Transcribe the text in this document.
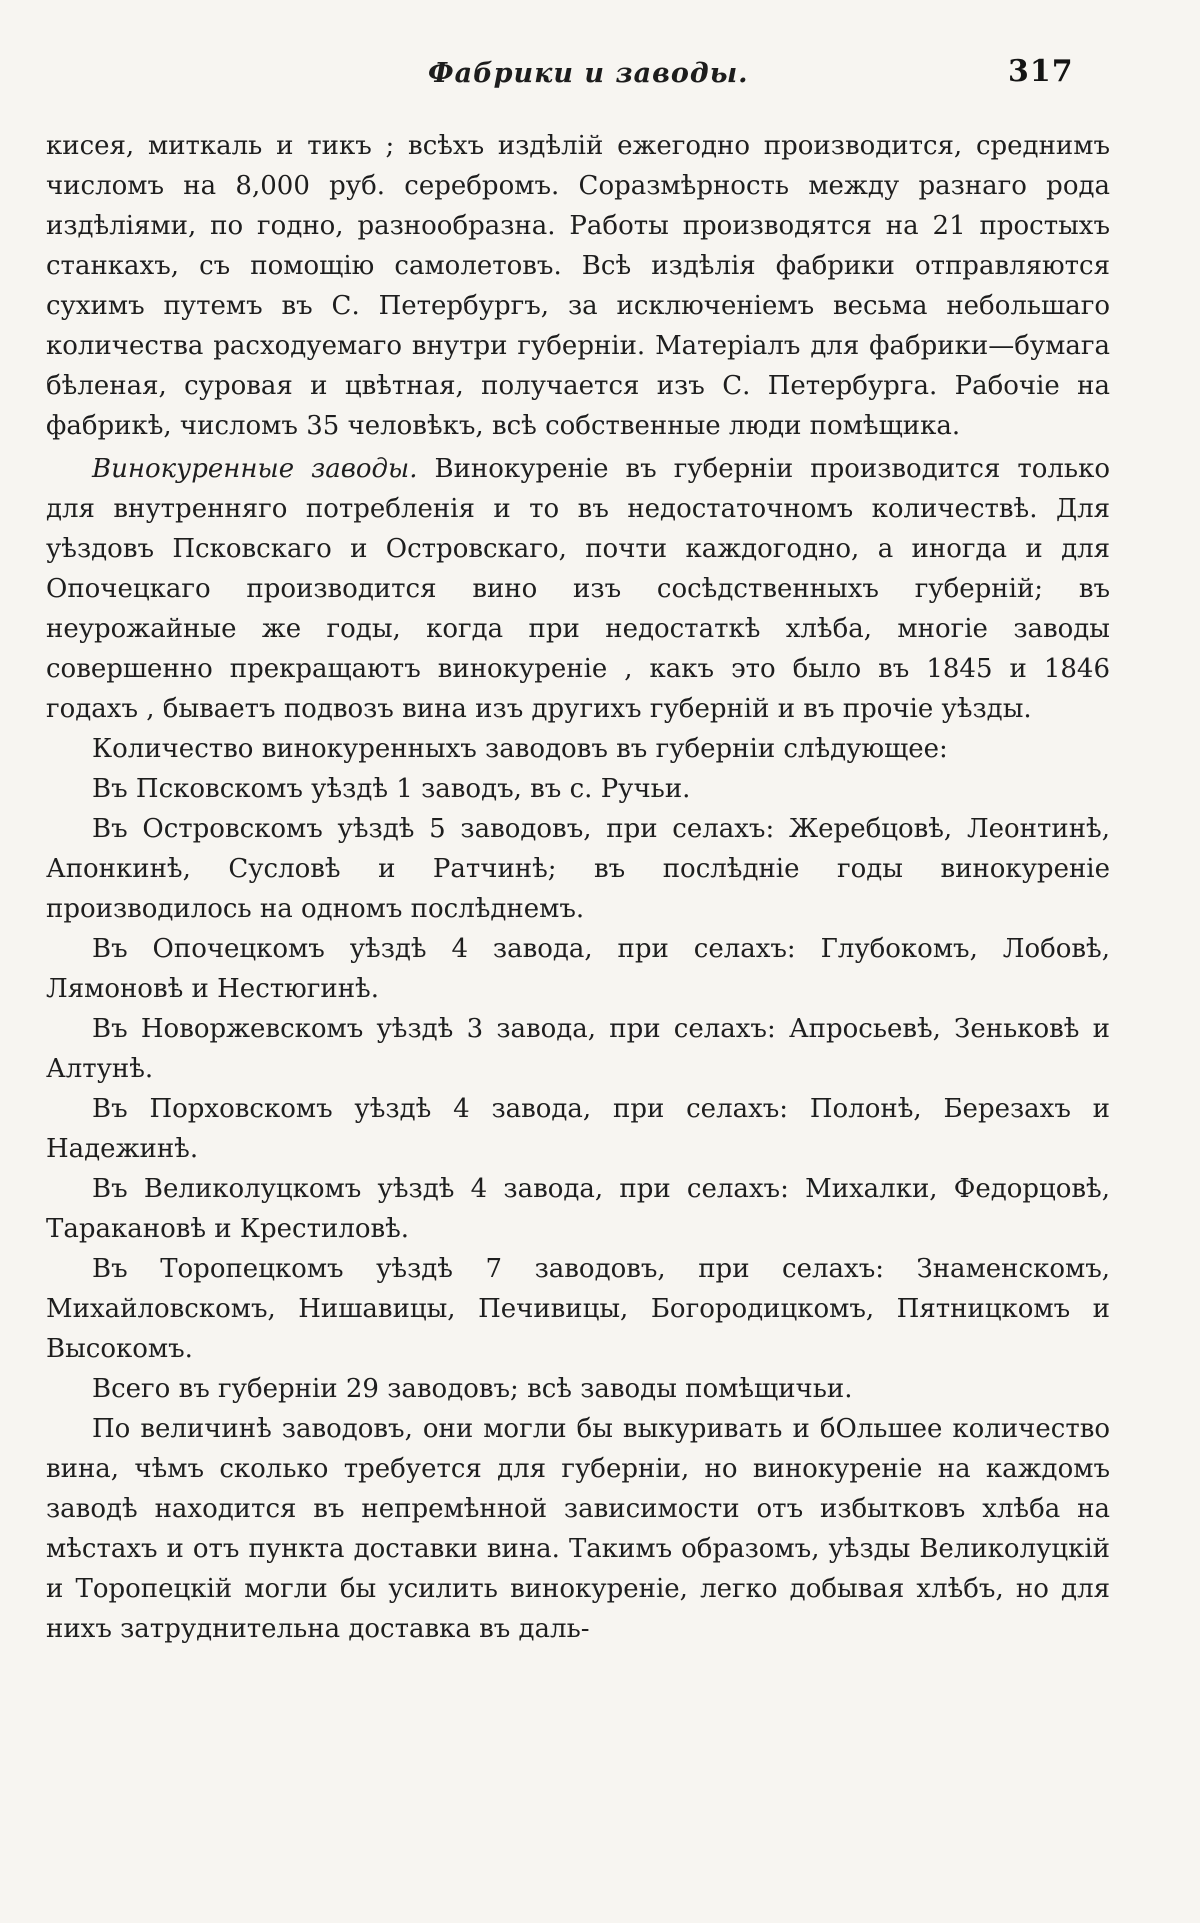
Фабрики и заводы.	317

кисея, миткаль и тикъ ; всѣхъ издѣлій ежегодно производится, среднимъ числомъ на 8,000 руб. серебромъ. Соразмѣрность между разнаго рода издѣліями, по годно, разнообразна. Работы производятся на 21 простыхъ станкахъ, съ помощію самолетовъ. Всѣ издѣлія фабрики отправляются сухимъ путемъ въ С. Петербургъ, за исключеніемъ весьма небольшаго количества расходуемаго внутри губерніи. Матеріалъ для фабрики—бумага бѣленая, суровая и цвѣтная, получается изъ С. Петербурга. Рабочіе на фабрикѣ, числомъ 35 человѣкъ, всѣ собственные люди помѣщика.

Винокуренные заводы. Винокуреніе въ губерніи производится только для внутренняго потребленія и то въ недостаточномъ количествѣ. Для уѣздовъ Псковскаго и Островскаго, почти каждогодно, а иногда и для Опочецкаго производится вино изъ сосѣдственныхъ губерній; въ неурожайные же годы, когда при недостаткѣ хлѣба, многіе заводы совершенно прекращаютъ винокуреніе , какъ это было въ 1845 и 1846 годахъ , бываетъ подвозъ вина изъ другихъ губерній и въ прочіе уѣзды.

Количество винокуренныхъ заводовъ въ губерніи слѣдующее:

Въ Псковскомъ уѣздѣ 1 заводъ, въ с. Ручьи.

Въ Островскомъ уѣздѣ 5 заводовъ, при селахъ: Жеребцовѣ, Леонтинѣ, Апонкинѣ, Сусловѣ и Ратчинѣ; въ послѣдніе годы винокуреніе производилось на одномъ послѣднемъ.

Въ Опочецкомъ уѣздѣ 4 завода, при селахъ: Глубокомъ, Лобовѣ, Лямоновѣ и Нестюгинѣ.

Въ Новоржевскомъ уѣздѣ 3 завода, при селахъ: Апросьевѣ, Зеньковѣ и Алтунѣ.

Въ Порховскомъ уѣздѣ 4 завода, при селахъ: Полонѣ, Березахъ и Надежинѣ.

Въ Великолуцкомъ уѣздѣ 4 завода, при селахъ: Михалки, Федорцовѣ, Таракановѣ и Крестиловѣ.

Въ Торопецкомъ уѣздѣ 7 заводовъ, при селахъ: Знаменскомъ, Михайловскомъ, Нишавицы, Печивицы, Богородицкомъ, Пятницкомъ и Высокомъ.

Всего въ губерніи 29 заводовъ; всѣ заводы помѣщичьи.

По величинѣ заводовъ, они могли бы выкуривать и бОльшее количество вина, чѣмъ сколько требуется для губерніи, но винокуреніе на каждомъ заводѣ находится въ непремѣнной зависимости отъ избытковъ хлѣба на мѣстахъ и отъ пункта доставки вина. Такимъ образомъ, уѣзды Великолуцкій и Торопецкій могли бы усилить винокуреніе, легко добывая хлѣбъ, но для нихъ затруднительна доставка въ даль-
